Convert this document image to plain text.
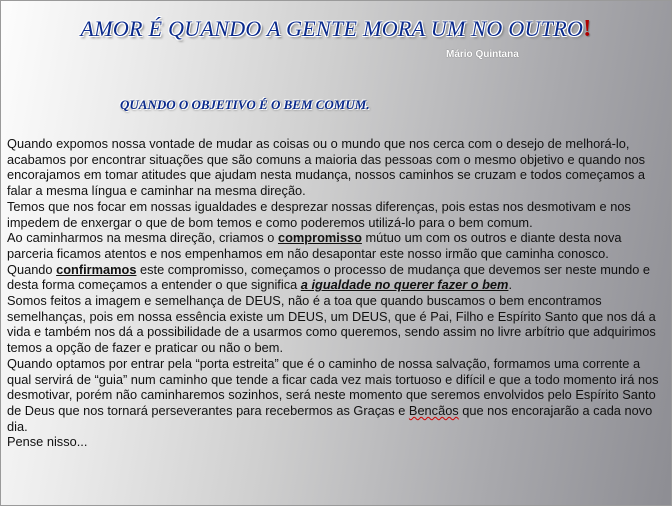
AMOR É QUANDO A GENTE MORA UM NO OUTRO!
Mário Quintana
QUANDO O OBJETIVO É O BEM COMUM.

Quando expomos nossa vontade de mudar as coisas ou o mundo que nos cerca com o desejo de melhorá-lo, acabamos por encontrar situações que são comuns a maioria das pessoas com o mesmo objetivo e quando nos encorajamos em tomar atitudes que ajudam nesta mudança, nossos caminhos se cruzam e todos começamos a falar a mesma língua e caminhar na mesma direção.

Temos que nos focar em nossas igualdades e desprezar nossas diferenças, pois estas nos desmotivam e nos impedem de enxergar o que de bom temos e como poderemos utilizá-lo para o bem comum.

Ao caminharmos na mesma direção, criamos o compromisso mútuo um com os outros e diante desta nova parceria ficamos atentos e nos empenhamos em não desapontar este nosso irmão que caminha conosco.

Quando confirmamos este compromisso, começamos o processo de mudança que devemos ser neste mundo e desta forma começamos a entender o que significa a igualdade no querer fazer o bem.

Somos feitos a imagem e semelhança de DEUS, não é a toa que quando buscamos o bem encontramos semelhanças, pois em nossa essência existe um DEUS, um DEUS, que é Pai, Filho e Espírito Santo que nos dá a vida e também nos dá a possibilidade de a usarmos como queremos, sendo assim no livre arbítrio que adquirimos temos a opção de fazer e praticar ou não o bem.

Quando optamos por entrar pela “porta estreita” que é o caminho de nossa salvação, formamos uma corrente a qual servirá de “guia” num caminho que tende a ficar cada vez mais tortuoso e difícil e que a todo momento irá nos desmotivar, porém não caminharemos sozinhos, será neste momento que seremos envolvidos pelo Espírito Santo de Deus que nos tornará perseverantes para recebermos as Graças e Bencãos que nos encorajarão a cada novo dia.

Pense nisso...
